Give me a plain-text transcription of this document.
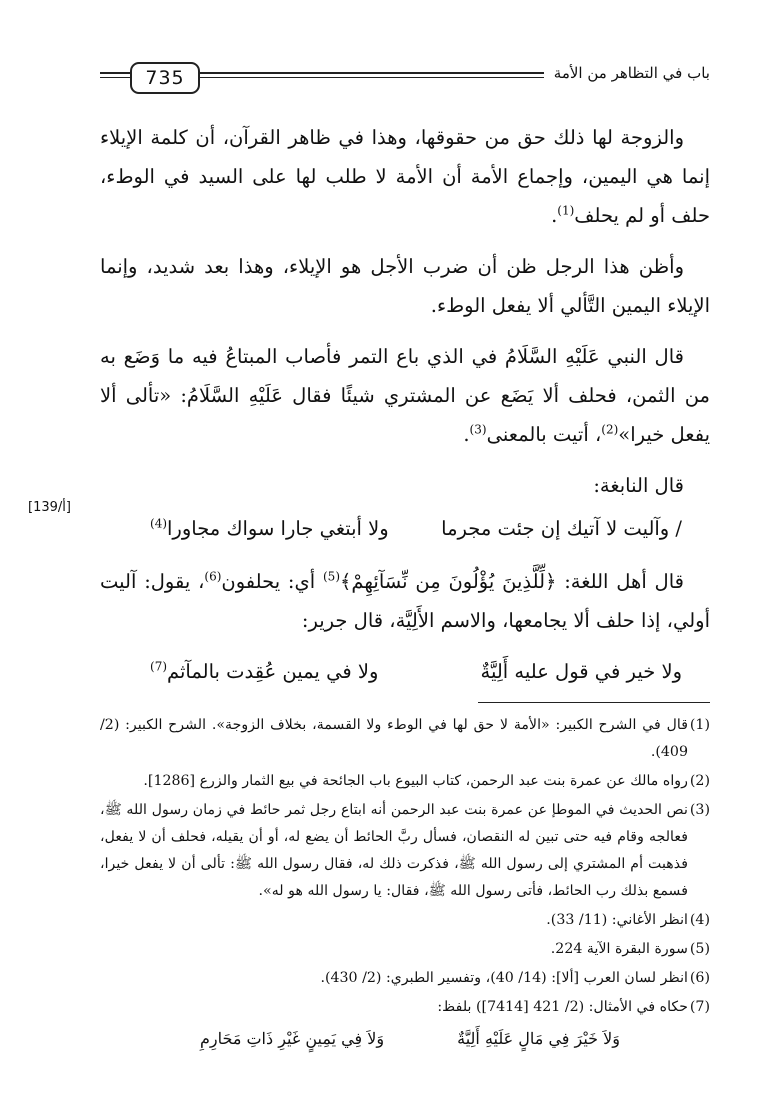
735	باب في التظاهر من الأمة

والزوجة لها ذلك حق من حقوقها، وهذا في ظاهر القرآن، أن كلمة الإيلاء إنما هي اليمين، وإجماع الأمة أن الأمة لا طلب لها على السيد في الوطء، حلف أو لم يحلف$^{(1)}$.

وأظن هذا الرجل ظن أن ضرب الأجل هو الإيلاء، وهذا بعد شديد، وإنما الإيلاء اليمين التَّألي ألا يفعل الوطء.

قال النبي عَلَيْهِ السَّلَامُ في الذي باع التمر فأصاب المبتاعُ فيه ما وَضَع به من الثمن، فحلف ألا يَضَع عن المشتري شيئًا فقال عَلَيْهِ السَّلَامُ: «تألى ألا يفعل خيرا»$^{(2)}$، أتيت بالمعنى$^{(3)}$.

قال النابغة:

/ وآليت لا آتيك إن جئت مجرما
ولا أبتغي جارا سواك مجاورا$^{(4)}$

قال أهل اللغة: ﴿لِّلَّذِينَ يُؤْلُونَ مِن نِّسَآئِهِمْ﴾$^{(5)}$ أي: يحلفون$^{(6)}$، يقول: آليت أولي، إذا حلف ألا يجامعها، والاسم الأَلِيَّة، قال جرير:

ولا خير في قول عليه أَلِيَّةٌ
ولا في يمين عُقِدت بالمآثم$^{(7)}$
[139/أ]

(1)قال في الشرح الكبير: «الأمة لا حق لها في الوطء ولا القسمة، بخلاف الزوجة». الشرح الكبير: (2/ 409).

(2)رواه مالك عن عمرة بنت عبد الرحمن، كتاب البيوع باب الجائحة في بيع الثمار والزرع [1286].

(3)نص الحديث في الموطإ عن عمرة بنت عبد الرحمن أنه ابتاع رجل ثمر حائط في زمان رسول الله ﷺ، فعالجه وقام فيه حتى تبين له النقصان، فسأل ربَّ الحائط أن يضع له، أو أن يقيله، فحلف أن لا يفعل، فذهبت أم المشتري إلى رسول الله ﷺ، فذكرت ذلك له، فقال رسول الله ﷺ: تألى أن لا يفعل خيرا، فسمع بذلك رب الحائط، فأتى رسول الله ﷺ، فقال: يا رسول الله هو له».

(4)انظر الأغاني: (11/ 33).

(5)سورة البقرة الآية 224.

(6)انظر لسان العرب [ألا]: (14/ 40)، وتفسير الطبري: (2/ 430).

(7)حكاه في الأمثال: (2/ 421 [7414]) بلفظ:

وَلاَ خَيْرَ فِي مَالٍ عَلَيْهِ أَلِيَّةٌ
وَلاَ فِي يَمِينٍ غَيْرِ ذَاتِ مَحَارِمِ
